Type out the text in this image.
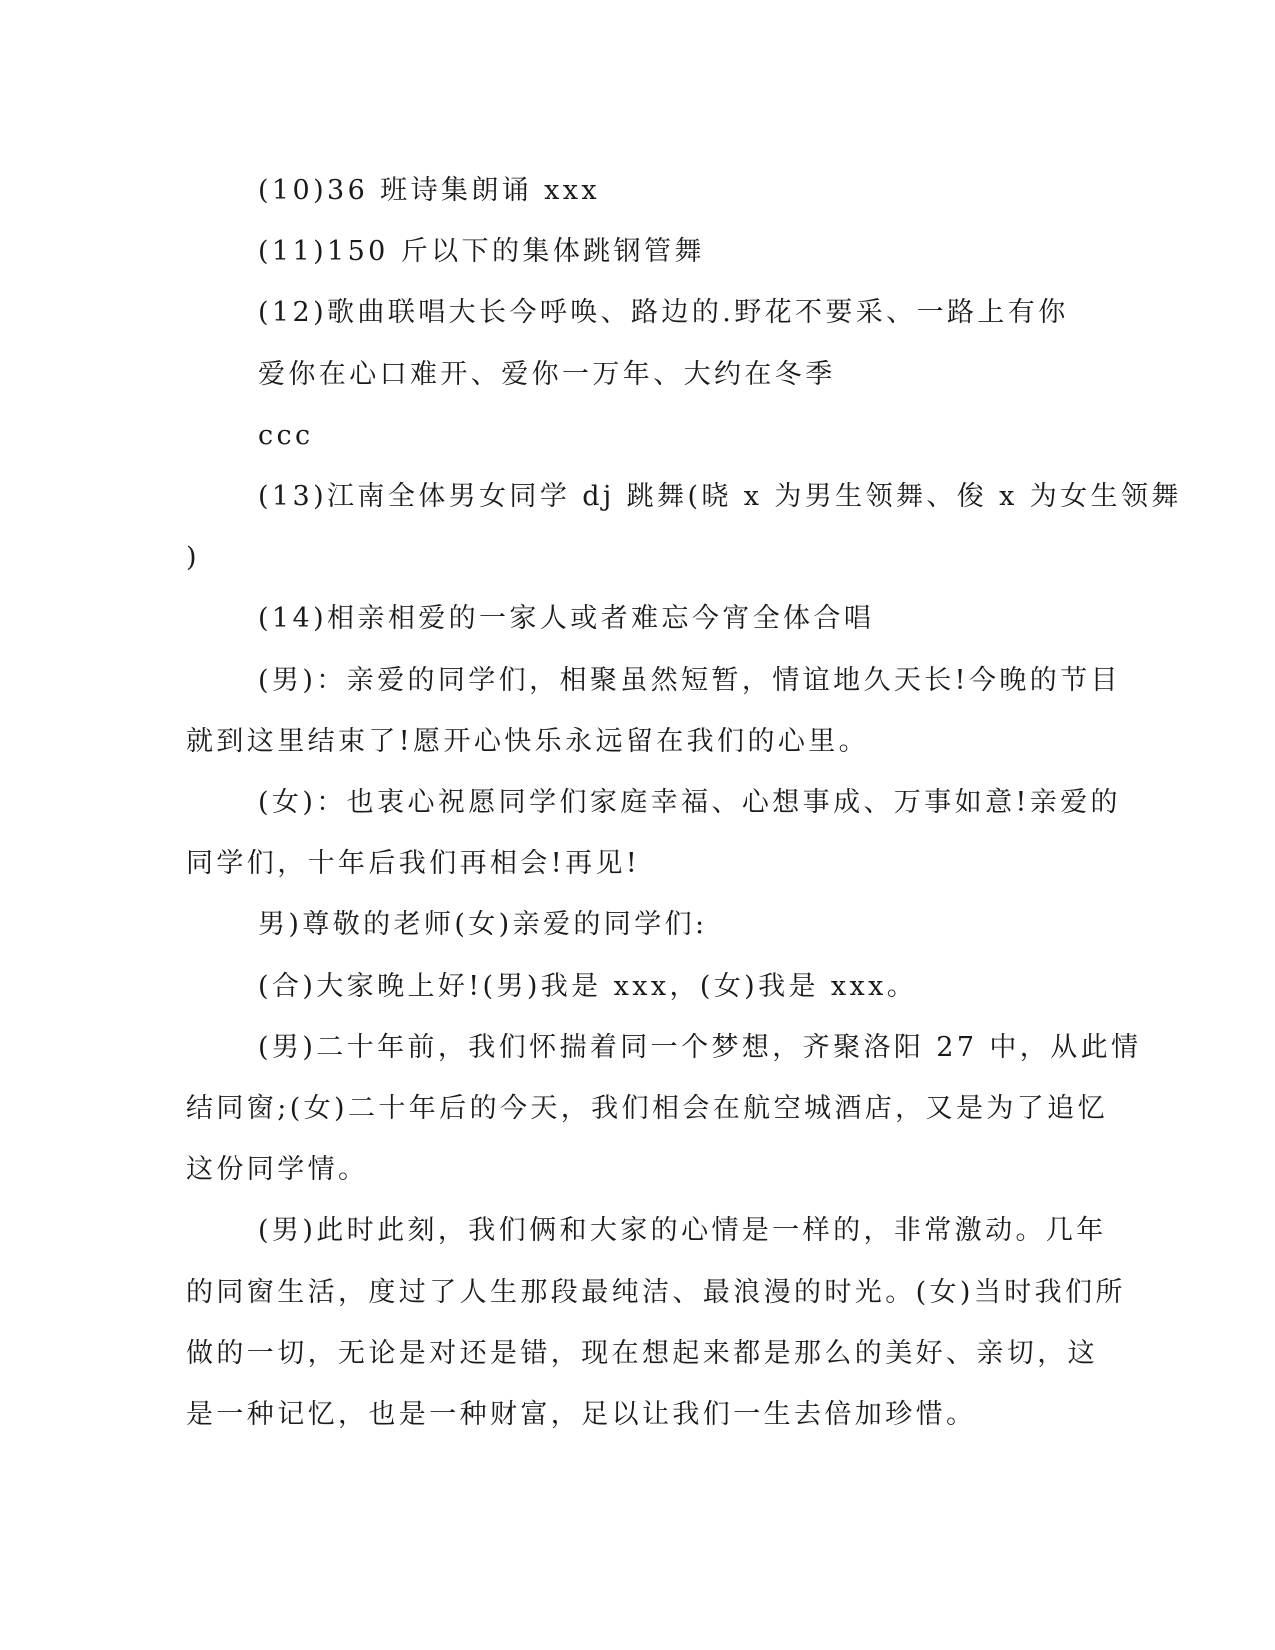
(10)36 班诗集朗诵 xxx
(11)150 斤以下的集体跳钢管舞
(12)歌曲联唱大长今呼唤、路边的.野花不要采、一路上有你
爱你在心口难开、爱你一万年、大约在冬季
ccc
(13)江南全体男女同学 dj 跳舞(晓 x 为男生领舞、俊 x 为女生领舞
)
(14)相亲相爱的一家人或者难忘今宵全体合唱
(男)：亲爱的同学们，相聚虽然短暂，情谊地久天长!今晚的节目
就到这里结束了!愿开心快乐永远留在我们的心里。
(女)：也衷心祝愿同学们家庭幸福、心想事成、万事如意!亲爱的
同学们，十年后我们再相会!再见!
男)尊敬的老师(女)亲爱的同学们:
(合)大家晚上好!(男)我是 xxx，(女)我是 xxx。
(男)二十年前，我们怀揣着同一个梦想，齐聚洛阳 27 中，从此情
结同窗;(女)二十年后的今天，我们相会在航空城酒店，又是为了追忆
这份同学情。
(男)此时此刻，我们俩和大家的心情是一样的，非常激动。几年
的同窗生活，度过了人生那段最纯洁、最浪漫的时光。(女)当时我们所
做的一切，无论是对还是错，现在想起来都是那么的美好、亲切，这
是一种记忆，也是一种财富，足以让我们一生去倍加珍惜。
